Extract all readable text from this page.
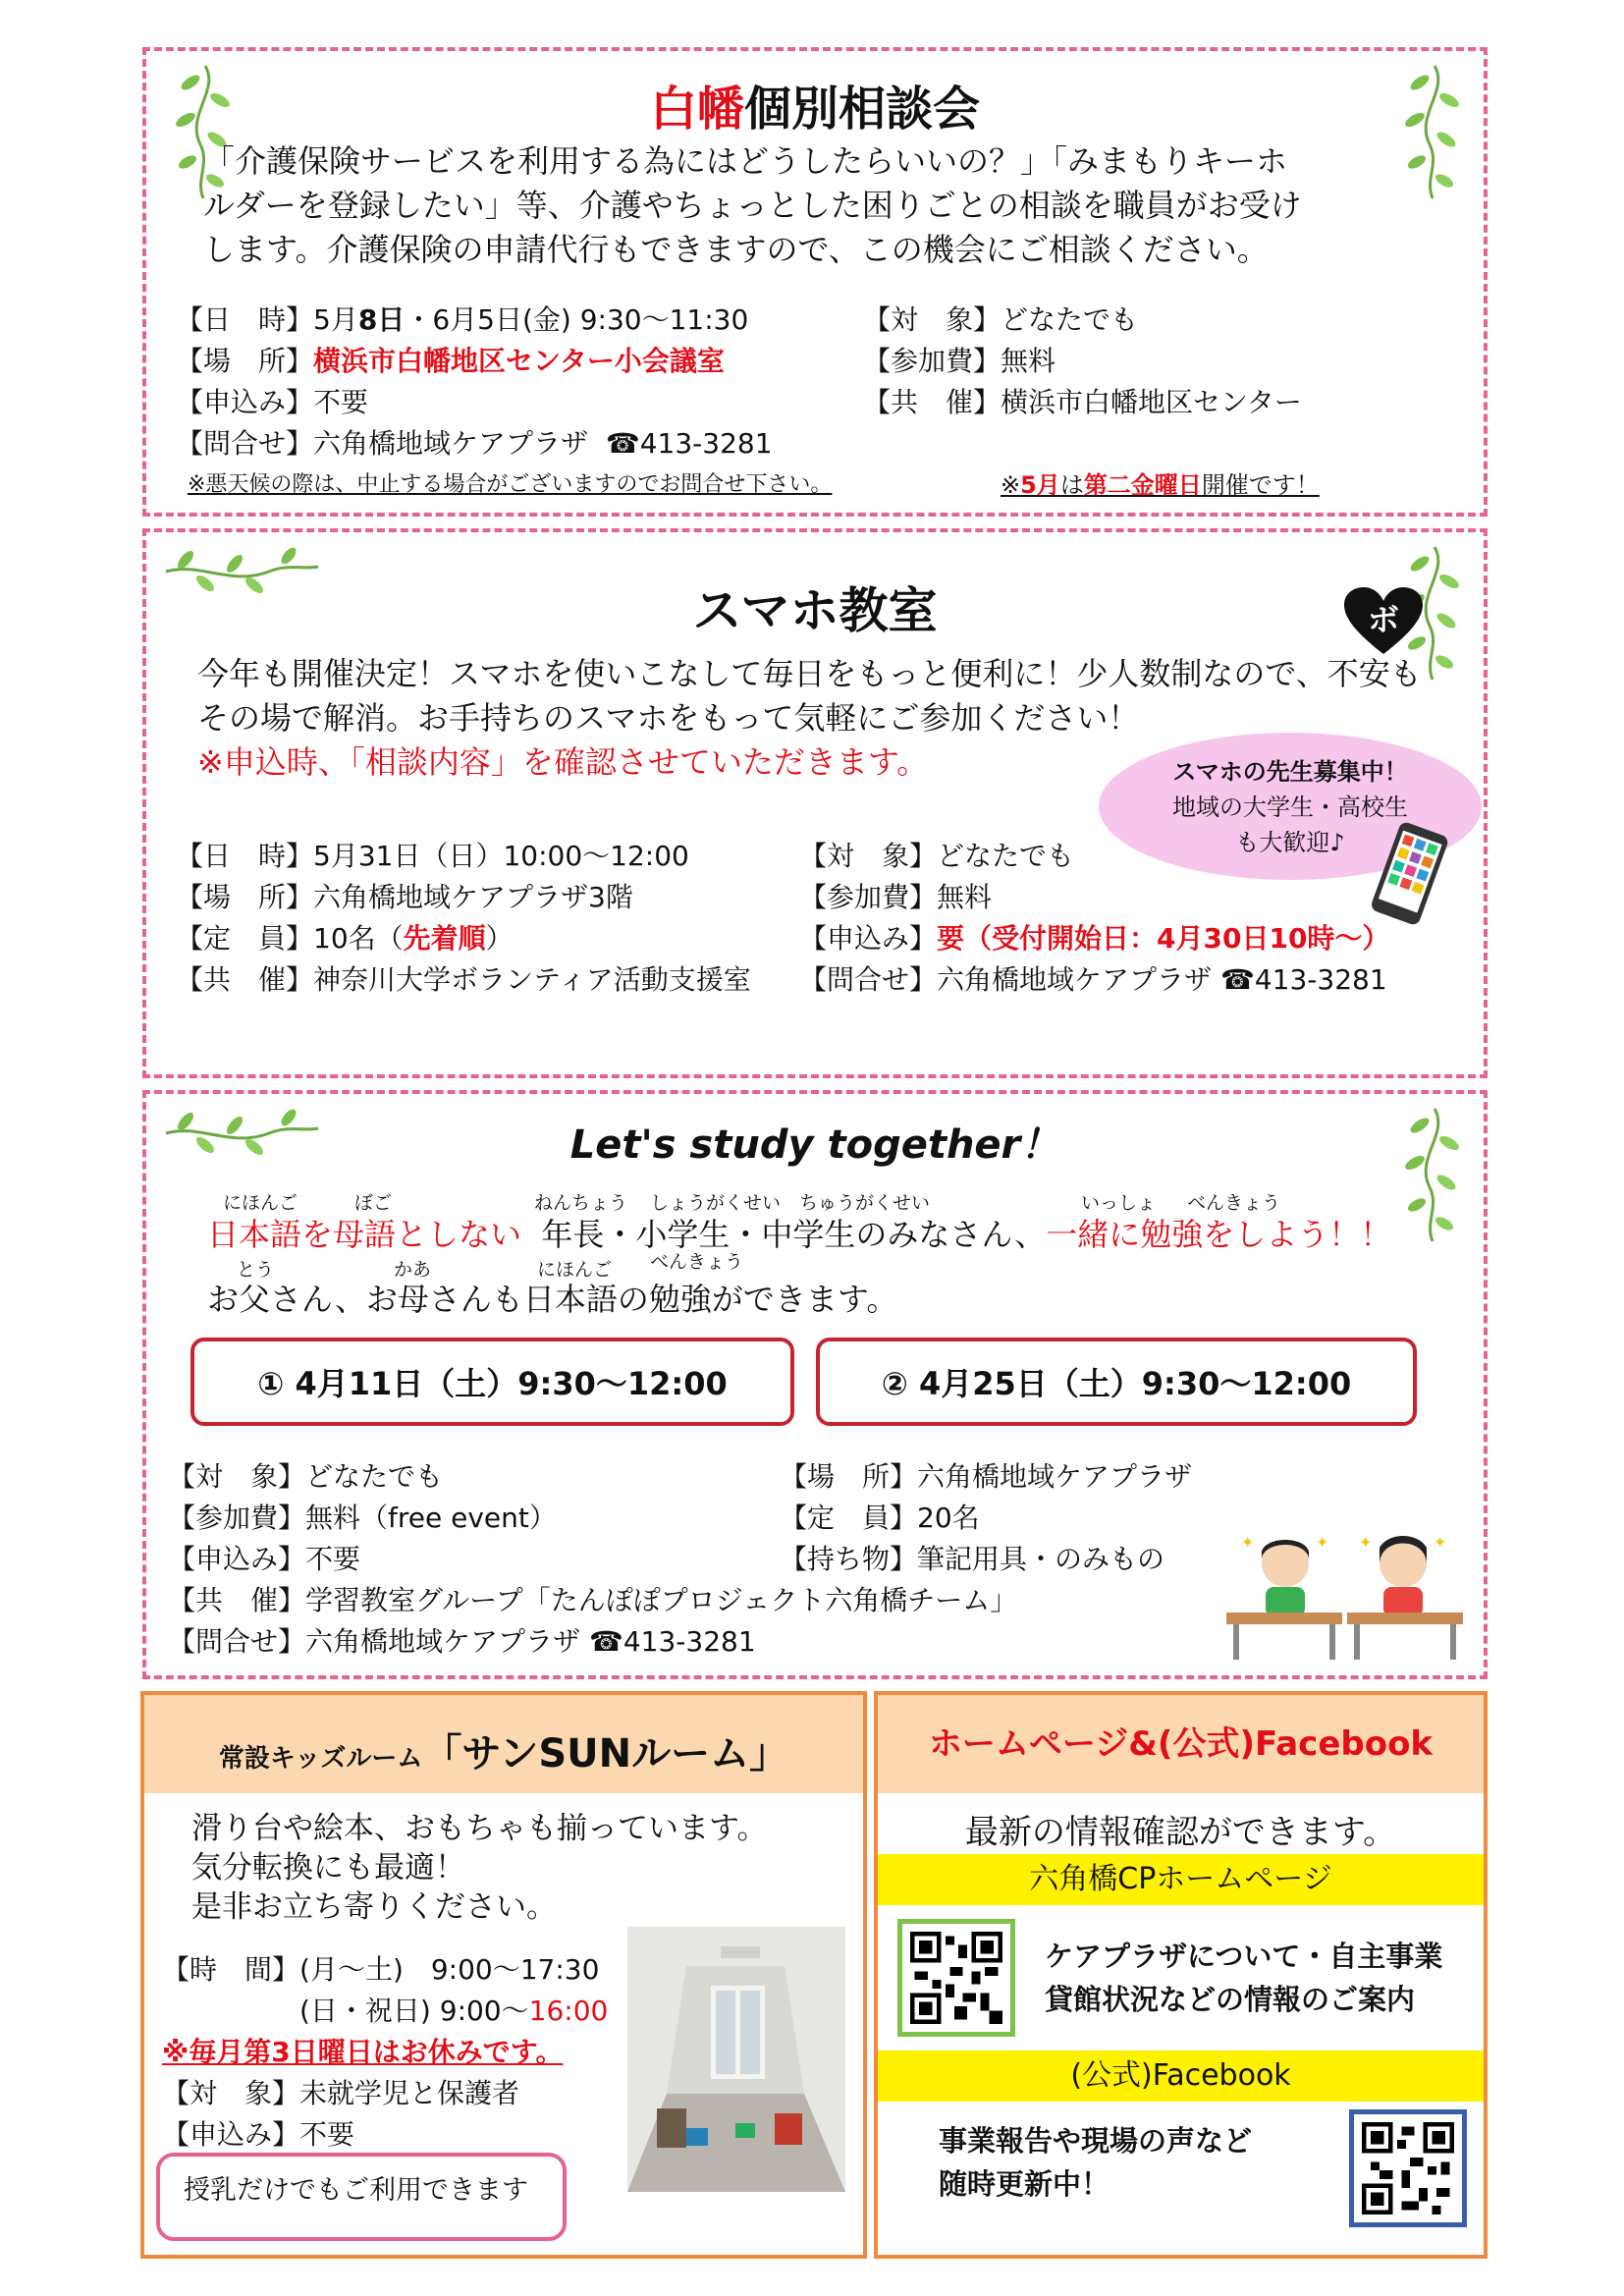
白幡個別相談会
「介護保険サービスを利用する為にはどうしたらいいの？」「みまもりキーホ
ルダーを登録したい」等、介護やちょっとした困りごとの相談を職員がお受け
します。介護保険の申請代行もできますので、この機会にご相談ください。
【日　時】5月8日・6月5日(金) 9:30～11:30
【場　所】横浜市白幡地区センター小会議室
【申込み】不要
【問合せ】六角橋地域ケアプラザ ☎413-3281
【対　象】どなたでも
【参加費】無料
【共　催】横浜市白幡地区センター
※悪天候の際は、中止する場合がございますのでお問合せ下さい。	※5月は第二金曜日開催です！
スマホ教室	ボ
今年も開催決定！スマホを使いこなして毎日をもっと便利に！少人数制なので、不安も
その場で解消。お手持ちのスマホをもって気軽にご参加ください！
※申込時、「相談内容」を確認させていただきます。	スマホの先生募集中！
地域の大学生・高校生
も大歓迎♪
【日　時】5月31日（日）10:00～12:00
【場　所】六角橋地域ケアプラザ3階
【定　員】10名（先着順）
【共　催】神奈川大学ボランティア活動支援室
【対　象】どなたでも
【参加費】無料
【申込み】要（受付開始日：4月30日10時～）
【問合せ】六角橋地域ケアプラザ ☎413-3281
Let's study together！
にほんご	ぼご	ねんちょう しょうがくせい ちゅうがくせい	いっしょ べんきょう
日本語を母語としない 年長・小学生・中学生のみなさん、一緒に勉強をしよう！！
とう	かあ	にほんご べんきょう
お父さん、お母さんも日本語の勉強ができます。
① 4月11日（土）9:30～12:00	② 4月25日（土）9:30～12:00
【対　象】どなたでも
【参加費】無料（free event）
【申込み】不要
【共　催】学習教室グループ「たんぽぽプロジェクト六角橋チーム」
【問合せ】六角橋地域ケアプラザ ☎413-3281
【場　所】六角橋地域ケアプラザ
【定　員】20名
【持ち物】筆記用具・のみもの
✦	✦ ✦	✦
常設キッズルーム「サンSUNルーム」
滑り台や絵本、おもちゃも揃っています。
気分転換にも最適！
是非お立ち寄りください。
【時　間】(月～土)　9:00～17:30
(日・祝日) 9:00～16:00
※毎月第3日曜日はお休みです。
【対　象】未就学児と保護者
【申込み】不要
授乳だけでもご利用できます
ホームページ&(公式)Facebook
最新の情報確認ができます。
六角橋CPホームページ
ケアプラザについて・自主事業
貸館状況などの情報のご案内
(公式)Facebook
事業報告や現場の声など
随時更新中！
